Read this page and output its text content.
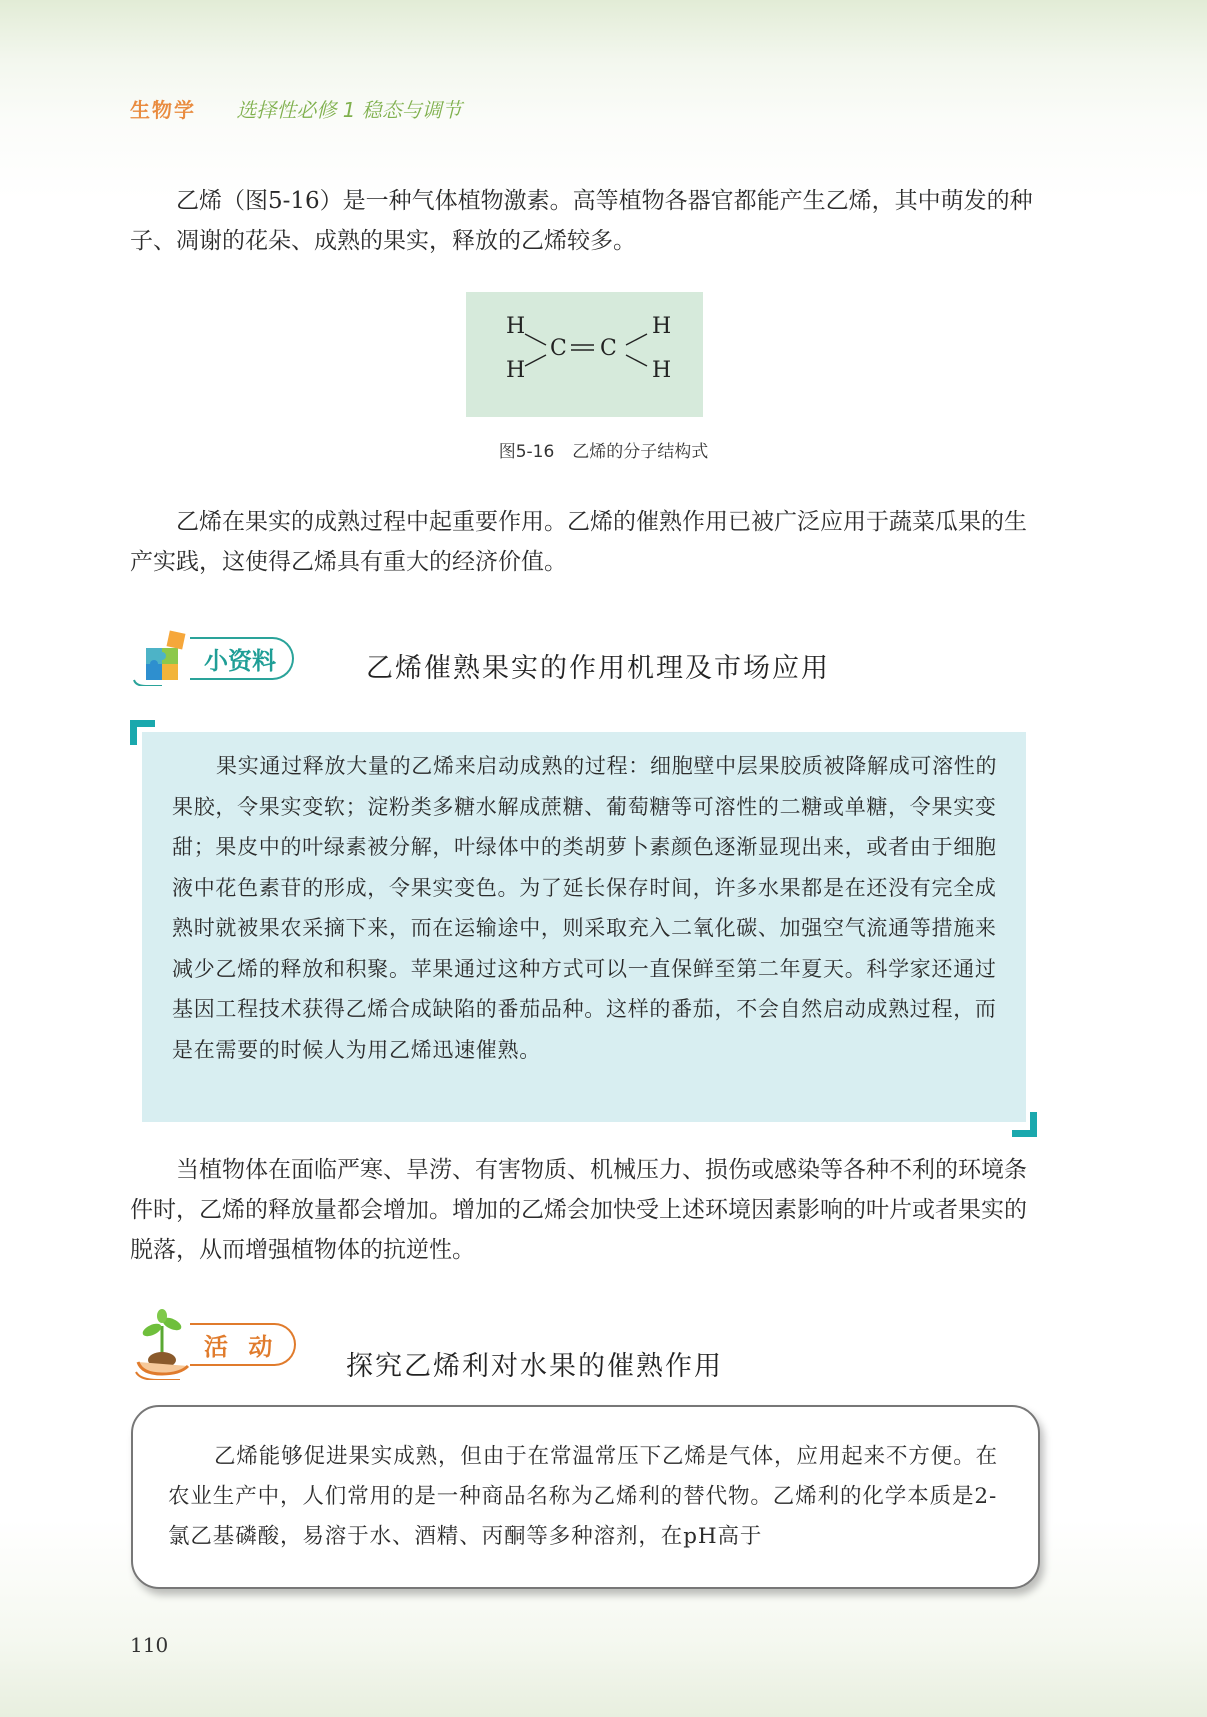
生物学 选择性必修 1 稳态与调节

乙烯（图5-16）是一种气体植物激素。高等植物各器官都能产生乙烯，其中萌发的种子、凋谢的花朵、成熟的果实，释放的乙烯较多。

H
H
C C
H
H
图5-16 乙烯的分子结构式

乙烯在果实的成熟过程中起重要作用。乙烯的催熟作用已被广泛应用于蔬菜瓜果的生产实践，这使得乙烯具有重大的经济价值。

小资料	乙烯催熟果实的作用机理及市场应用

果实通过释放大量的乙烯来启动成熟的过程：细胞壁中层果胶质被降解成可溶性的果胶，令果实变软；淀粉类多糖水解成蔗糖、葡萄糖等可溶性的二糖或单糖，令果实变甜；果皮中的叶绿素被分解，叶绿体中的类胡萝卜素颜色逐渐显现出来，或者由于细胞液中花色素苷的形成，令果实变色。为了延长保存时间，许多水果都是在还没有完全成熟时就被果农采摘下来，而在运输途中，则采取充入二氧化碳、加强空气流通等措施来减少乙烯的释放和积聚。苹果通过这种方式可以一直保鲜至第二年夏天。科学家还通过基因工程技术获得乙烯合成缺陷的番茄品种。这样的番茄，不会自然启动成熟过程，而是在需要的时候人为用乙烯迅速催熟。

当植物体在面临严寒、旱涝、有害物质、机械压力、损伤或感染等各种不利的环境条件时，乙烯的释放量都会增加。增加的乙烯会加快受上述环境因素影响的叶片或者果实的脱落，从而增强植物体的抗逆性。

活 动
探究乙烯利对水果的催熟作用

乙烯能够促进果实成熟，但由于在常温常压下乙烯是气体，应用起来不方便。在农业生产中，人们常用的是一种商品名称为乙烯利的替代物。乙烯利的化学本质是2-氯乙基磷酸，易溶于水、酒精、丙酮等多种溶剂，在pH高于

110
